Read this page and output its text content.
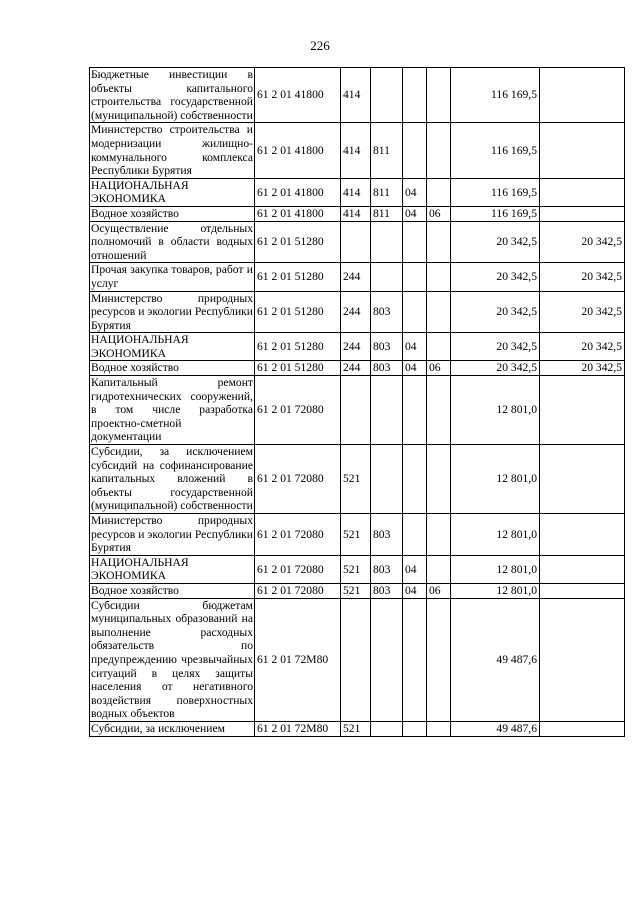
226
Бюджетные инвестиции в объекты капитального строительства государственной (муниципальной) собственности	61 2 01 41800	414				116 169,5	
Министерство строительства и модернизации жилищно-коммунального комплекса Республики Бурятия	61 2 01 41800	414	811			116 169,5	
НАЦИОНАЛЬНАЯ ЭКОНОМИКА	61 2 01 41800	414	811	04		116 169,5	
Водное хозяйство	61 2 01 41800	414	811	04	06	116 169,5	
Осуществление отдельных полномочий в области водных отношений	61 2 01 51280					20 342,5	20 342,5
Прочая закупка товаров, работ и услуг	61 2 01 51280	244				20 342,5	20 342,5
Министерство природных ресурсов и экологии Республики Бурятия	61 2 01 51280	244	803			20 342,5	20 342,5
НАЦИОНАЛЬНАЯ ЭКОНОМИКА	61 2 01 51280	244	803	04		20 342,5	20 342,5
Водное хозяйство	61 2 01 51280	244	803	04	06	20 342,5	20 342,5
Капитальный ремонт гидротехнических сооружений, в том числе разработка проектно-сметной документации	61 2 01 72080					12 801,0	
Субсидии, за исключением субсидий на софинансирование капитальных вложений в объекты государственной (муниципальной) собственности	61 2 01 72080	521				12 801,0	
Министерство природных ресурсов и экологии Республики Бурятия	61 2 01 72080	521	803			12 801,0	
НАЦИОНАЛЬНАЯ ЭКОНОМИКА	61 2 01 72080	521	803	04		12 801,0	
Водное хозяйство	61 2 01 72080	521	803	04	06	12 801,0	
Субсидии бюджетам муниципальных образований на выполнение расходных обязательств по предупреждению чрезвычайных ситуаций в целях защиты населения от негативного воздействия поверхностных водных объектов	61 2 01 72М80					49 487,6	
Субсидии, за исключением	61 2 01 72М80	521				49 487,6	
